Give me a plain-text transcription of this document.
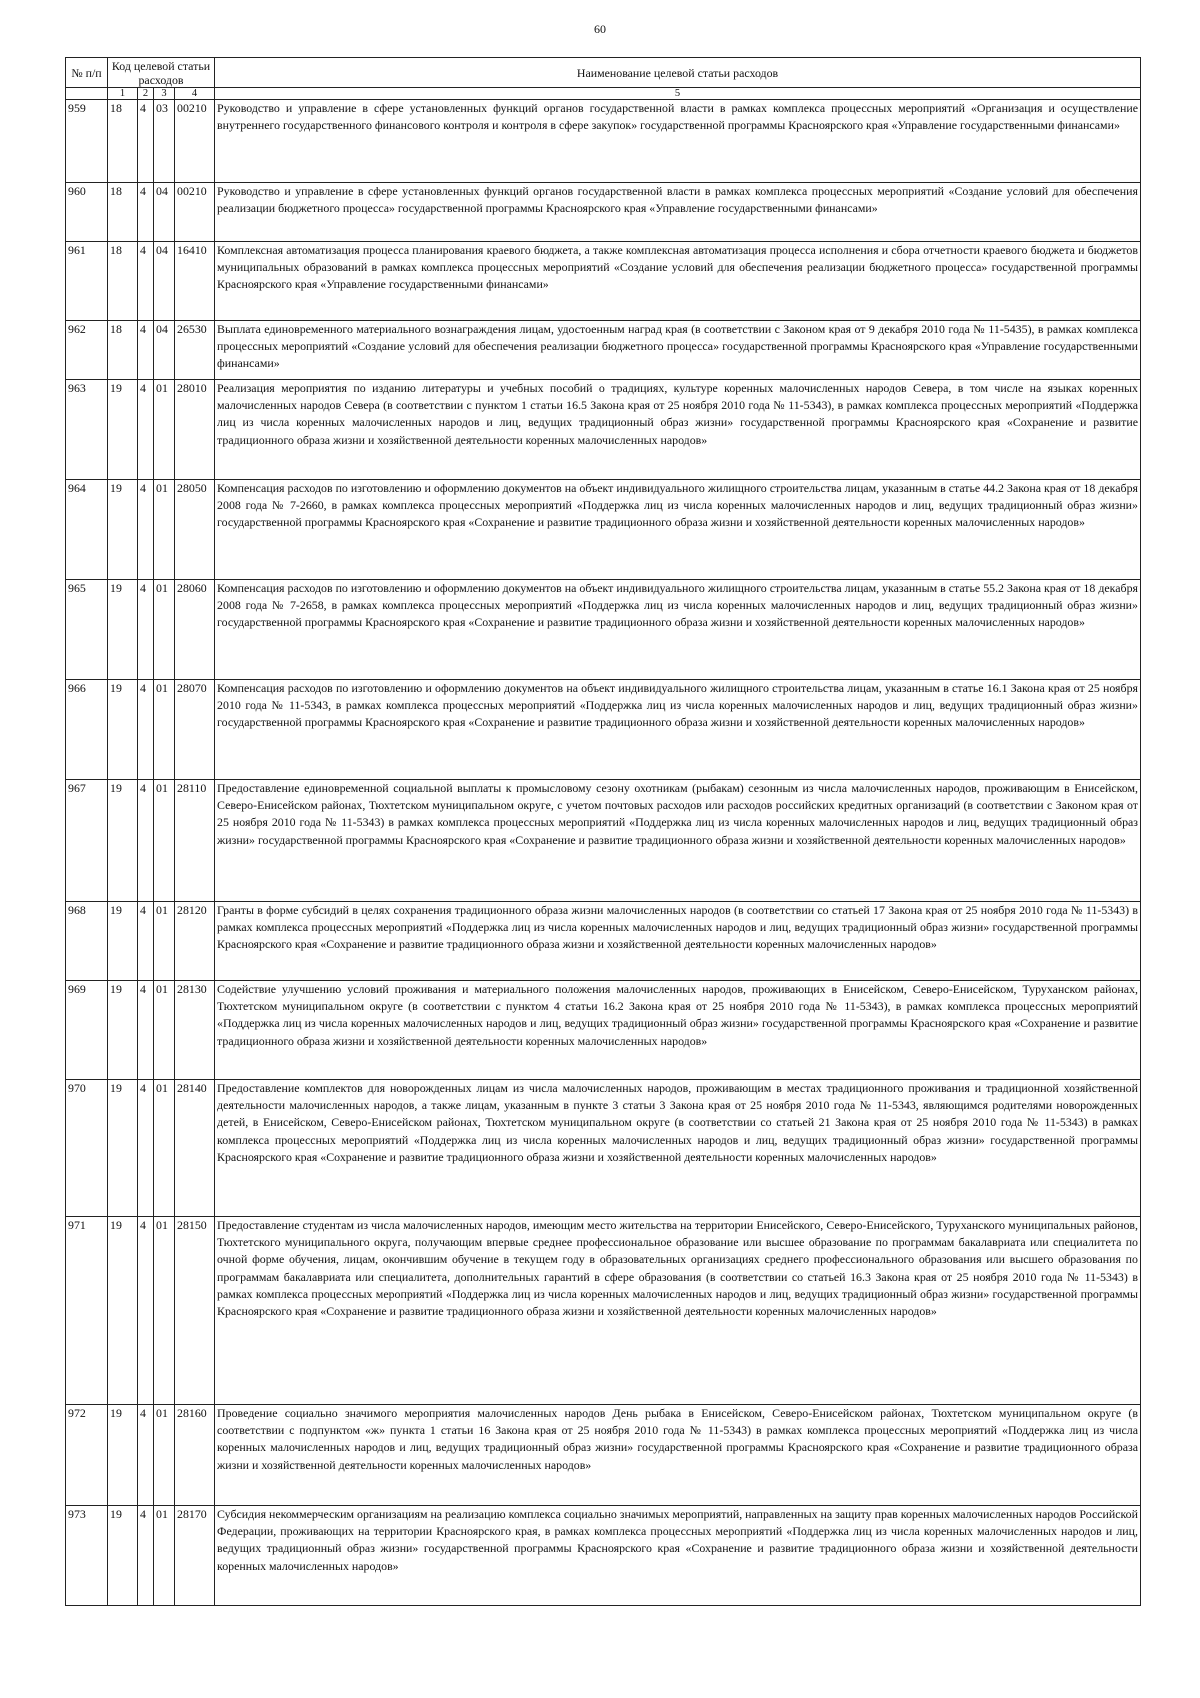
60
№ п/п	Код целевой статьи расходов				Наименование целевой статьи расходов

	1	2	3	4	5
959	18	4	03	00210	Руководство и управление в сфере установленных функций органов государственной власти в рамках комплекса процессных мероприятий «Организация и осуществление внутреннего государственного финансового контроля и контроля в сфере закупок» государственной программы Красноярского края «Управление государственными финансами»
960	18	4	04	00210	Руководство и управление в сфере установленных функций органов государственной власти в рамках комплекса процессных мероприятий «Создание условий для обеспечения реализации бюджетного процесса» государственной программы Красноярского края «Управление государственными финансами»
961	18	4	04	16410	Комплексная автоматизация процесса планирования краевого бюджета, а также комплексная автоматизация процесса исполнения и сбора отчетности краевого бюджета и бюджетов муниципальных образований в рамках комплекса процессных мероприятий «Создание условий для обеспечения реализации бюджетного процесса» государственной программы Красноярского края «Управление государственными финансами»
962	18	4	04	26530	Выплата единовременного материального вознаграждения лицам, удостоенным наград края (в соответствии с Законом края от 9 декабря 2010 года № 11-5435), в рамках комплекса процессных мероприятий «Создание условий для обеспечения реализации бюджетного процесса» государственной программы Красноярского края «Управление государственными финансами»
963	19	4	01	28010	Реализация мероприятия по изданию литературы и учебных пособий о традициях, культуре коренных малочисленных народов Севера, в том числе на языках коренных малочисленных народов Севера (в соответствии с пунктом 1 статьи 16.5 Закона края от 25 ноября 2010 года № 11-5343), в рамках комплекса процессных мероприятий «Поддержка лиц из числа коренных малочисленных народов и лиц, ведущих традиционный образ жизни» государственной программы Красноярского края «Сохранение и развитие традиционного образа жизни и хозяйственной деятельности коренных малочисленных народов»
964	19	4	01	28050	Компенсация расходов по изготовлению и оформлению документов на объект индивидуального жилищного строительства лицам, указанным в статье 44.2 Закона края от 18 декабря 2008 года № 7-2660, в рамках комплекса процессных мероприятий «Поддержка лиц из числа коренных малочисленных народов и лиц, ведущих традиционный образ жизни» государственной программы Красноярского края «Сохранение и развитие традиционного образа жизни и хозяйственной деятельности коренных малочисленных народов»
965	19	4	01	28060	Компенсация расходов по изготовлению и оформлению документов на объект индивидуального жилищного строительства лицам, указанным в статье 55.2 Закона края от 18 декабря 2008 года № 7-2658, в рамках комплекса процессных мероприятий «Поддержка лиц из числа коренных малочисленных народов и лиц, ведущих традиционный образ жизни» государственной программы Красноярского края «Сохранение и развитие традиционного образа жизни и хозяйственной деятельности коренных малочисленных народов»
966	19	4	01	28070	Компенсация расходов по изготовлению и оформлению документов на объект индивидуального жилищного строительства лицам, указанным в статье 16.1 Закона края от 25 ноября 2010 года № 11-5343, в рамках комплекса процессных мероприятий «Поддержка лиц из числа коренных малочисленных народов и лиц, ведущих традиционный образ жизни» государственной программы Красноярского края «Сохранение и развитие традиционного образа жизни и хозяйственной деятельности коренных малочисленных народов»
967	19	4	01	28110	Предоставление единовременной социальной выплаты к промысловому сезону охотникам (рыбакам) сезонным из числа малочисленных народов, проживающим в Енисейском, Северо-Енисейском районах, Тюхтетском муниципальном округе, с учетом почтовых расходов или расходов российских кредитных организаций (в соответствии с Законом края от 25 ноября 2010 года № 11-5343) в рамках комплекса процессных мероприятий «Поддержка лиц из числа коренных малочисленных народов и лиц, ведущих традиционный образ жизни» государственной программы Красноярского края «Сохранение и развитие традиционного образа жизни и хозяйственной деятельности коренных малочисленных народов»
968	19	4	01	28120	Гранты в форме субсидий в целях сохранения традиционного образа жизни малочисленных народов (в соответствии со статьей 17 Закона края от 25 ноября 2010 года № 11-5343) в рамках комплекса процессных мероприятий «Поддержка лиц из числа коренных малочисленных народов и лиц, ведущих традиционный образ жизни» государственной программы Красноярского края «Сохранение и развитие традиционного образа жизни и хозяйственной деятельности коренных малочисленных народов»
969	19	4	01	28130	Содействие улучшению условий проживания и материального положения малочисленных народов, проживающих в Енисейском, Северо-Енисейском, Туруханском районах, Тюхтетском муниципальном округе (в соответствии с пунктом 4 статьи 16.2 Закона края от 25 ноября 2010 года № 11-5343), в рамках комплекса процессных мероприятий «Поддержка лиц из числа коренных малочисленных народов и лиц, ведущих традиционный образ жизни» государственной программы Красноярского края «Сохранение и развитие традиционного образа жизни и хозяйственной деятельности коренных малочисленных народов»
970	19	4	01	28140	Предоставление комплектов для новорожденных лицам из числа малочисленных народов, проживающим в местах традиционного проживания и традиционной хозяйственной деятельности малочисленных народов, а также лицам, указанным в пункте 3 статьи 3 Закона края от 25 ноября 2010 года № 11-5343, являющимся родителями новорожденных детей, в Енисейском, Северо-Енисейском районах, Тюхтетском муниципальном округе (в соответствии со статьей 21 Закона края от 25 ноября 2010 года № 11-5343) в рамках комплекса процессных мероприятий «Поддержка лиц из числа коренных малочисленных народов и лиц, ведущих традиционный образ жизни» государственной программы Красноярского края «Сохранение и развитие традиционного образа жизни и хозяйственной деятельности коренных малочисленных народов»
971	19	4	01	28150	Предоставление студентам из числа малочисленных народов, имеющим место жительства на территории Енисейского, Северо-Енисейского, Туруханского муниципальных районов, Тюхтетского муниципального округа, получающим впервые среднее профессиональное образование или высшее образование по программам бакалавриата или специалитета по очной форме обучения, лицам, окончившим обучение в текущем году в образовательных организациях среднего профессионального образования или высшего образования по программам бакалавриата или специалитета, дополнительных гарантий в сфере образования (в соответствии со статьей 16.3 Закона края от 25 ноября 2010 года № 11-5343) в рамках комплекса процессных мероприятий «Поддержка лиц из числа коренных малочисленных народов и лиц, ведущих традиционный образ жизни» государственной программы Красноярского края «Сохранение и развитие традиционного образа жизни и хозяйственной деятельности коренных малочисленных народов»
972	19	4	01	28160	Проведение социально значимого мероприятия малочисленных народов День рыбака в Енисейском, Северо-Енисейском районах, Тюхтетском муниципальном округе (в соответствии с подпунктом «ж» пункта 1 статьи 16 Закона края от 25 ноября 2010 года № 11-5343) в рамках комплекса процессных мероприятий «Поддержка лиц из числа коренных малочисленных народов и лиц, ведущих традиционный образ жизни» государственной программы Красноярского края «Сохранение и развитие традиционного образа жизни и хозяйственной деятельности коренных малочисленных народов»
973	19	4	01	28170	Субсидия некоммерческим организациям на реализацию комплекса социально значимых мероприятий, направленных на защиту прав коренных малочисленных народов Российской Федерации, проживающих на территории Красноярского края, в рамках комплекса процессных мероприятий «Поддержка лиц из числа коренных малочисленных народов и лиц, ведущих традиционный образ жизни» государственной программы Красноярского края «Сохранение и развитие традиционного образа жизни и хозяйственной деятельности коренных малочисленных народов»
